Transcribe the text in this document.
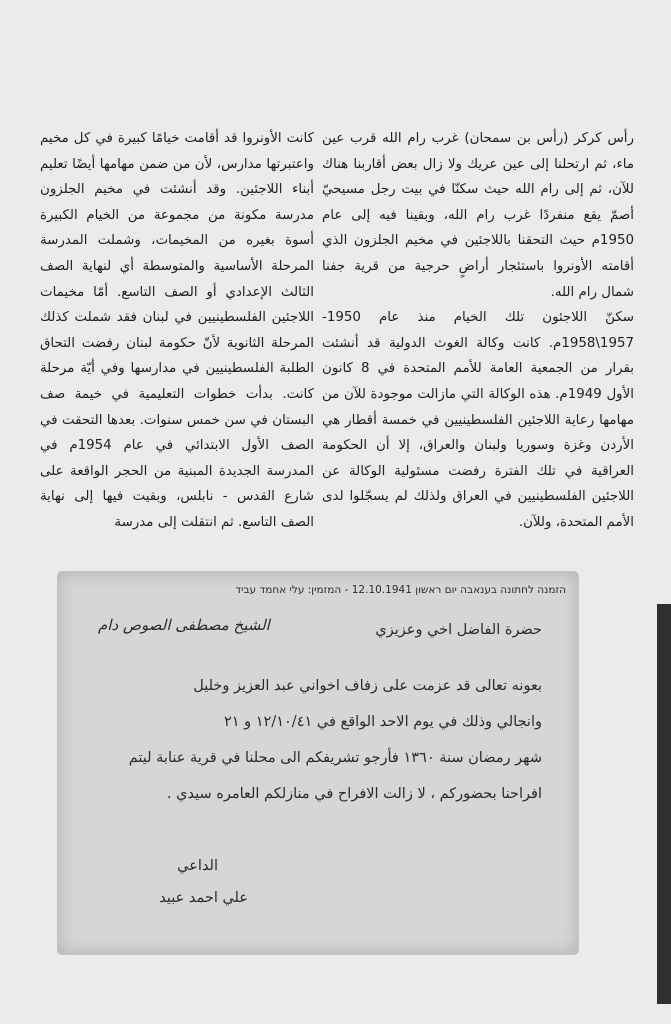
رأس كركر (رأس بن سمحان) غرب رام الله قرب عين ماء، ثم ارتحلنا إلى عين عريك ولا زال بعض أقاربنا هناك للآن، ثم إلى رام الله حيث سكنّا في بيت رجل مسيحيّ أصمّ يقع منفردًا غرب رام الله، وبقينا فيه إلى عام 1950م حيث التحقنا باللاجئين في مخيم الجلزون الذي أقامته الأونروا باستئجار أراضٍ حرجية من قرية جفنا شمال رام الله.

سكنّ اللاجئون تلك الخيام منذ عام 1950-1957\1958م. كانت وكالة الغوث الدولية قد أنشئت بقرار من الجمعية العامة للأمم المتحدة في 8 كانون الأول 1949م. هذه الوكالة التي مازالت موجودة للآن من مهامها رعاية اللاجئين الفلسطينيين في خمسة أقطار هي الأردن وغزة وسوريا ولبنان والعراق، إلا أن الحكومة العراقية في تلك الفترة رفضت مسئولية الوكالة عن اللاجئين الفلسطينيين في العراق ولذلك لم يسجّلوا لدى الأمم المتحدة، وللآن.

كانت الأونروا قد أقامت خيامًا كبيرة في كل مخيم واعتبرتها مدارس، لأن من ضمن مهامها أيضًا تعليم أبناء اللاجئين. وقد أنشئت في مخيم الجلزون مدرسة مكونة من مجموعة من الخيام الكبيرة أسوة بغيره من المخيمات، وشملت المدرسة المرحلة الأساسية والمتوسطة أي لنهاية الصف الثالث الإعدادي أو الصف التاسع. أمّا مخيمات اللاجئين الفلسطينيين في لبنان فقد شملت كذلك المرحلة الثانوية لأنّ حكومة لبنان رفضت التحاق الطلبة الفلسطينيين في مدارسها وفي أيّة مرحلة كانت. بدأت خطوات التعليمية في خيمة صف البستان في سن خمس سنوات. بعدها التحقت في الصف الأول الابتدائي في عام 1954م في المدرسة الجديدة المبنية من الحجر الواقعة على شارع القدس - نابلس، وبقيت فيها إلى نهاية الصف التاسع. ثم انتقلت إلى مدرسة

הזמנה לחתונה בענאבה יום ראשון 12.10.1941 - המזמין: עלי אחמד עביד
حضرة الفاضل اخي وعزيزي
الشيخ مصطفى الصوص دام
بعونه تعالى قد عزمت على زفاف اخواني عبد العزيز وخليل
وانجالي وذلك في يوم الاحد الواقع في ١٢/١٠/٤١ و ٢١
شهر رمضان سنة ١٣٦٠ فأرجو تشريفكم الى محلنا في قرية عنابة ليتم
افراحنا بحضوركم ، لا زالت الافراح في منازلكم العامره سيدي .
الداعي
علي احمد عبيد
